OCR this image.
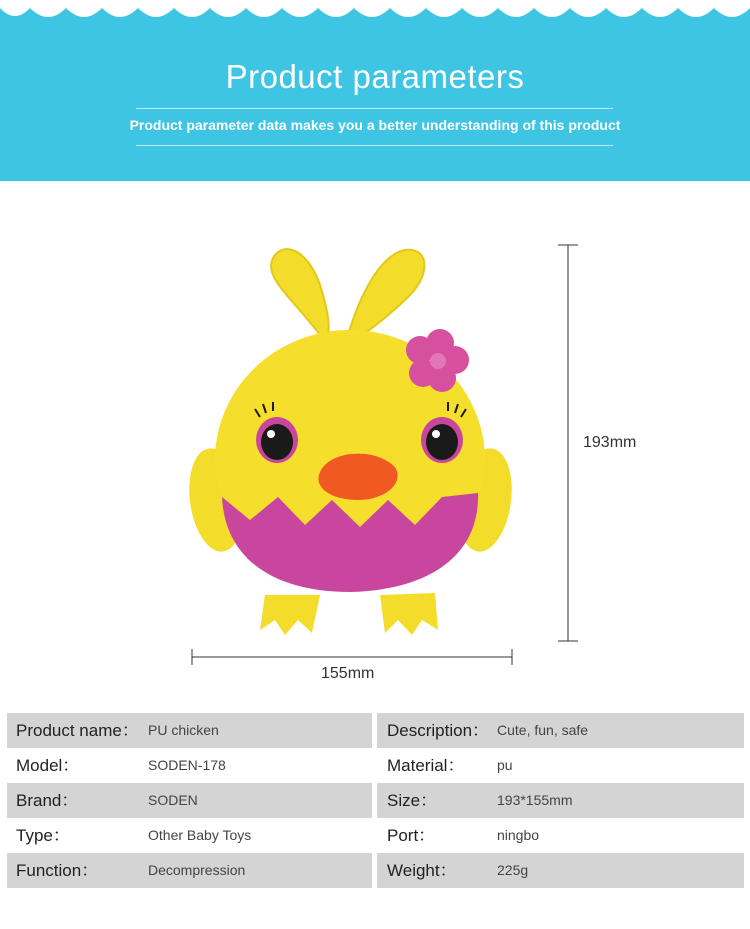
Product parameters
Product parameter data makes you a better understanding of this product
193mm
155mm
Product name： PU chicken	Description： Cute, fun, safe
Model：	SODEN-178	Material： pu
Brand：	SODEN	Size：	193*155mm
Type：	Other Baby Toys	Port：	ningbo
Function：	Decompression	Weight：	225g
